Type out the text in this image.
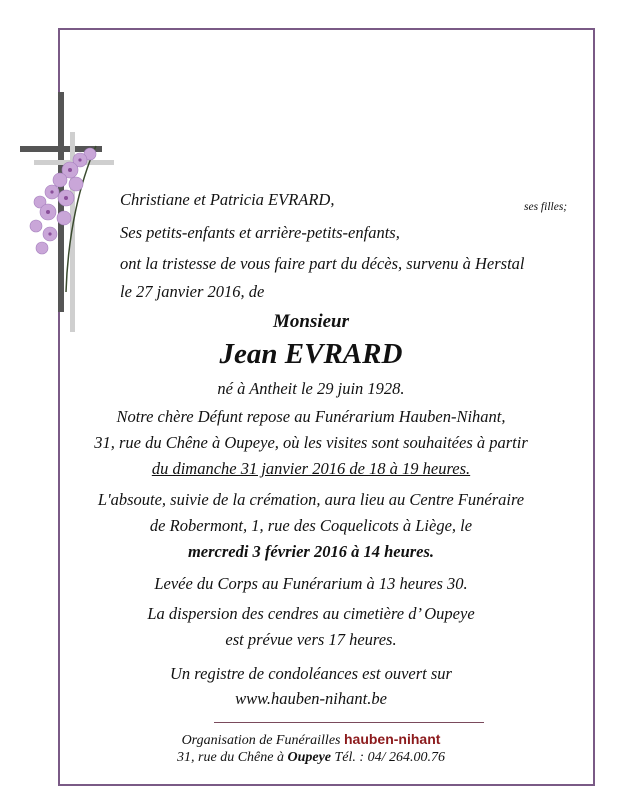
Christiane et Patricia EVRARD,	ses filles;
Ses petits-enfants et arrière-petits-enfants,
ont la tristesse de vous faire part du décès, survenu à Herstal
le 27 janvier 2016, de
Monsieur
Jean EVRARD
né à Antheit le 29 juin 1928.
Notre chère Défunt repose au Funérarium Hauben-Nihant,
31, rue du Chêne à Oupeye, où les visites sont souhaitées à partir
du dimanche 31 janvier 2016 de 18 à 19 heures.
L'absoute, suivie de la crémation, aura lieu au Centre Funéraire
de Robermont, 1, rue des Coquelicots à Liège, le
mercredi 3 février 2016 à 14 heures.
Levée du Corps au Funérarium à 13 heures 30.
La dispersion des cendres au cimetière d’ Oupeye
est prévue vers 17 heures.
Un registre de condoléances est ouvert sur
www.hauben-nihant.be
Organisation de Funérailles hauben-nihant
31, rue du Chêne à Oupeye Tél. : 04/ 264.00.76
